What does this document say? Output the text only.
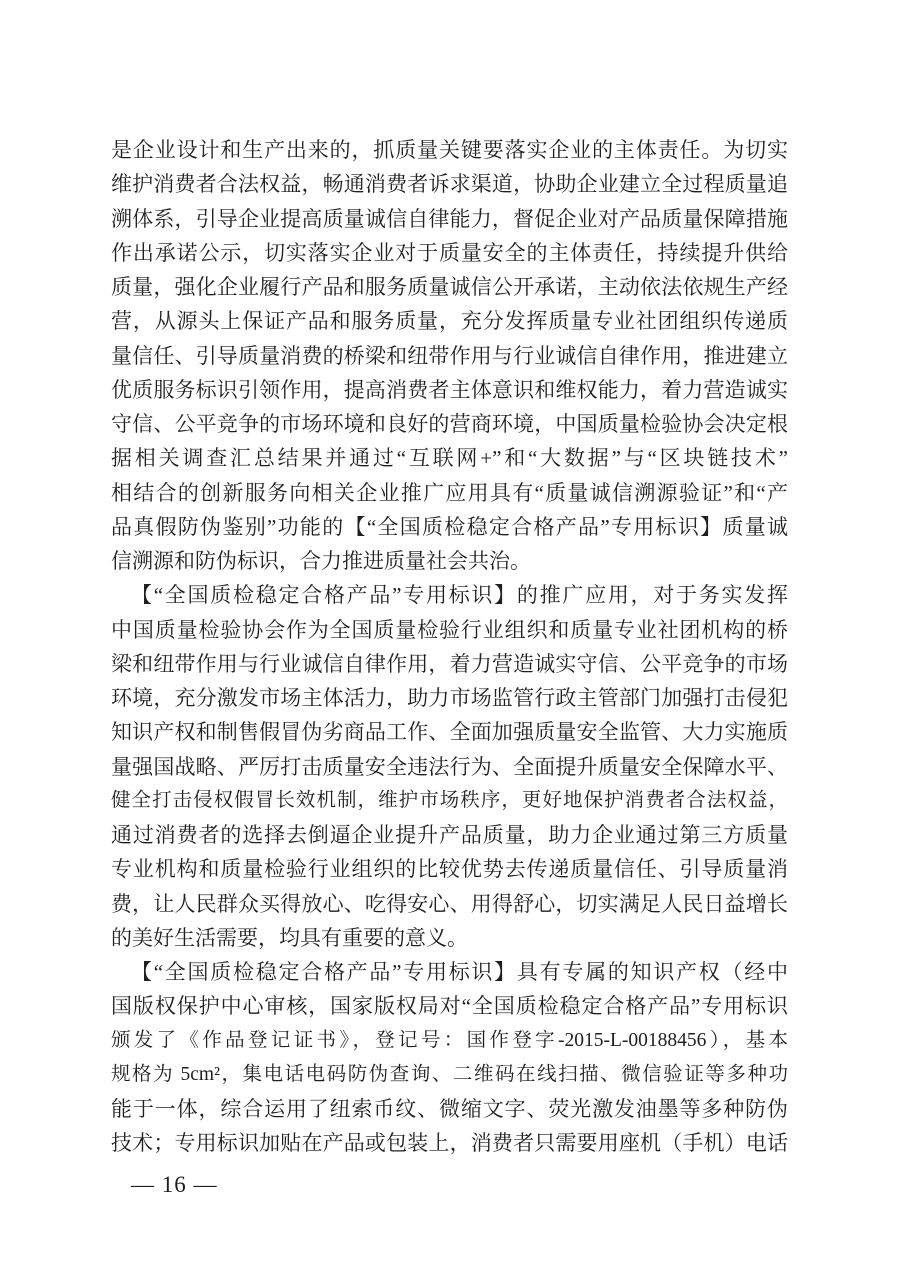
是企业设计和生产出来的，抓质量关键要落实企业的主体责任。为切实
维护消费者合法权益，畅通消费者诉求渠道，协助企业建立全过程质量追
溯体系，引导企业提高质量诚信自律能力，督促企业对产品质量保障措施
作出承诺公示，切实落实企业对于质量安全的主体责任，持续提升供给
质量，强化企业履行产品和服务质量诚信公开承诺，主动依法依规生产经
营，从源头上保证产品和服务质量，充分发挥质量专业社团组织传递质
量信任、引导质量消费的桥梁和纽带作用与行业诚信自律作用，推进建立
优质服务标识引领作用，提高消费者主体意识和维权能力，着力营造诚实
守信、公平竞争的市场环境和良好的营商环境，中国质量检验协会决定根
据相关调查汇总结果并通过“互联网+”和“大数据”与“区块链技术”
相结合的创新服务向相关企业推广应用具有“质量诚信溯源验证”和“产
品真假防伪鉴别”功能的【“全国质检稳定合格产品”专用标识】质量诚
信溯源和防伪标识，合力推进质量社会共治。
【“全国质检稳定合格产品”专用标识】的推广应用，对于务实发挥
中国质量检验协会作为全国质量检验行业组织和质量专业社团机构的桥
梁和纽带作用与行业诚信自律作用，着力营造诚实守信、公平竞争的市场
环境，充分激发市场主体活力，助力市场监管行政主管部门加强打击侵犯
知识产权和制售假冒伪劣商品工作、全面加强质量安全监管、大力实施质
量强国战略、严厉打击质量安全违法行为、全面提升质量安全保障水平、
健全打击侵权假冒长效机制，维护市场秩序，更好地保护消费者合法权益，
通过消费者的选择去倒逼企业提升产品质量，助力企业通过第三方质量
专业机构和质量检验行业组织的比较优势去传递质量信任、引导质量消
费，让人民群众买得放心、吃得安心、用得舒心，切实满足人民日益增长
的美好生活需要，均具有重要的意义。
【“全国质检稳定合格产品”专用标识】具有专属的知识产权（经中
国版权保护中心审核，国家版权局对“全国质检稳定合格产品”专用标识
颁发了《作品登记证书》，登记号：国作登字-2015-L-00188456），基本
规格为 5cm²，集电话电码防伪查询、二维码在线扫描、微信验证等多种功
能于一体，综合运用了纽索币纹、微缩文字、荧光激发油墨等多种防伪
技术；专用标识加贴在产品或包装上，消费者只需要用座机（手机）电话
— 16 —
